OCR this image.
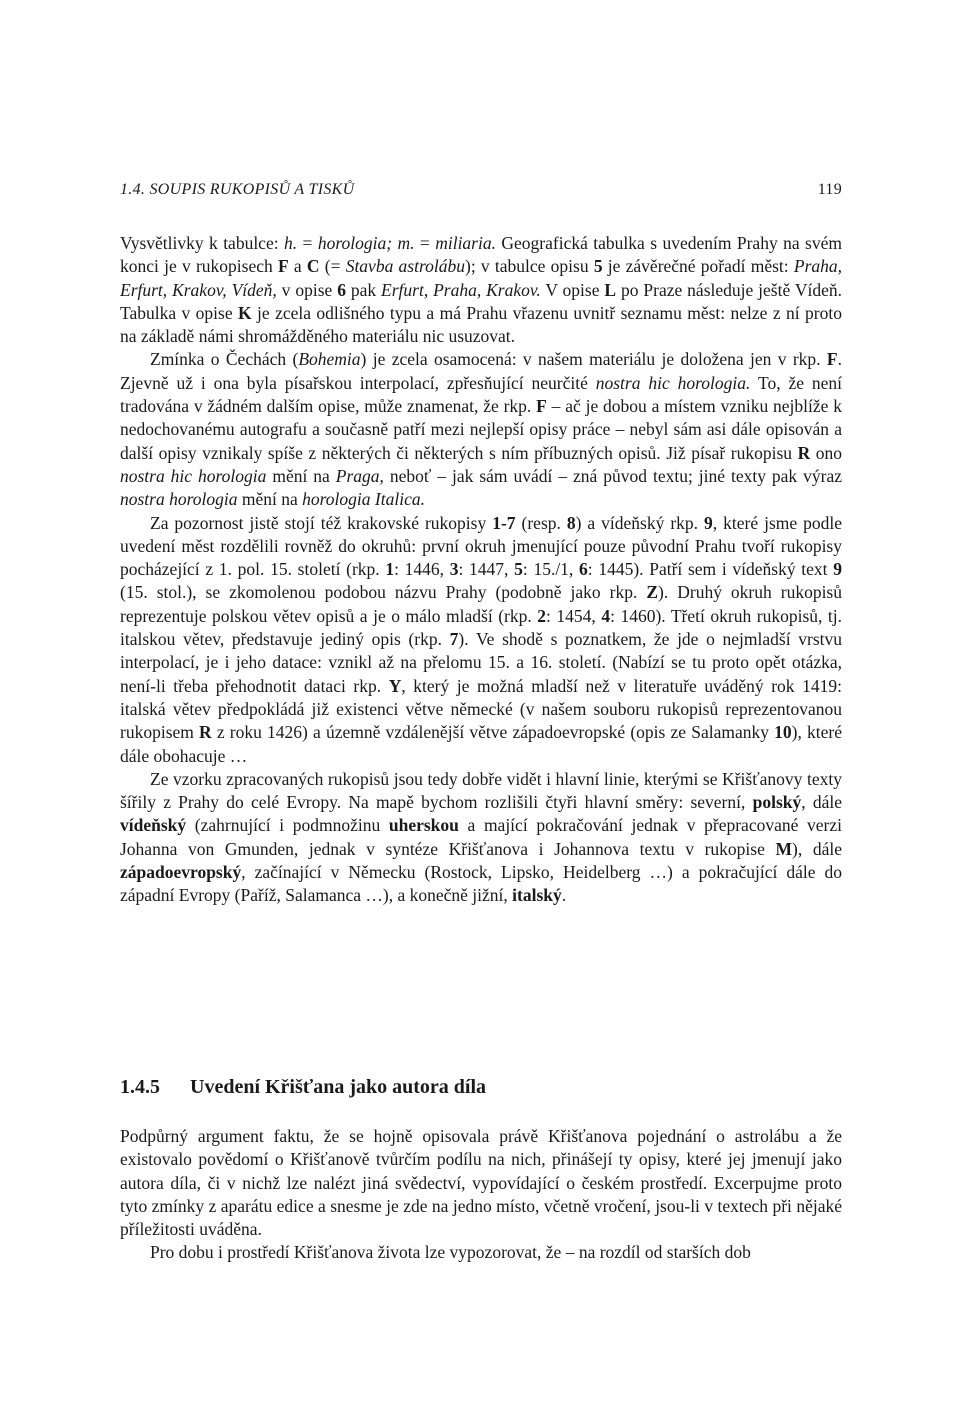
1.4. SOUPIS RUKOPISŮ A TISKŮ	119

Vysvětlivky k tabulce: h. = horologia; m. = miliaria. Geografická tabulka s uvedením Prahy na svém konci je v rukopisech F a C (= Stavba astrolábu); v tabulce opisu 5 je závěrečné pořadí měst: Praha, Erfurt, Krakov, Vídeň, v opise 6 pak Erfurt, Praha, Krakov. V opise L po Praze následuje ještě Vídeň. Tabulka v opise K je zcela odlišného typu a má Prahu vřazenu uvnitř seznamu měst: nelze z ní proto na základě námi shromážděného materiálu nic usuzovat.

Zmínka o Čechách (Bohemia) je zcela osamocená: v našem materiálu je doložena jen v rkp. F. Zjevně už i ona byla písařskou interpolací, zpřesňující neurčité nostra hic horologia. To, že není tradována v žádném dalším opise, může znamenat, že rkp. F – ač je dobou a místem vzniku nejblíže k nedochovanému autografu a současně patří mezi nejlepší opisy práce – nebyl sám asi dále opisován a další opisy vznikaly spíše z některých či některých s ním příbuzných opisů. Již písař rukopisu R ono nostra hic horologia mění na Praga, neboť – jak sám uvádí – zná původ textu; jiné texty pak výraz nostra horologia mění na horologia Italica.

Za pozornost jistě stojí též krakovské rukopisy 1-7 (resp. 8) a vídeňský rkp. 9, které jsme podle uvedení měst rozdělili rovněž do okruhů: první okruh jmenující pouze původní Prahu tvoří rukopisy pocházející z 1. pol. 15. století (rkp. 1: 1446, 3: 1447, 5: 15./1, 6: 1445). Patří sem i vídeňský text 9 (15. stol.), se zkomolenou podobou názvu Prahy (podobně jako rkp. Z). Druhý okruh rukopisů reprezentuje polskou větev opisů a je o málo mladší (rkp. 2: 1454, 4: 1460). Třetí okruh rukopisů, tj. italskou větev, představuje jediný opis (rkp. 7). Ve shodě s poznatkem, že jde o nejmladší vrstvu interpolací, je i jeho datace: vznikl až na přelomu 15. a 16. století. (Nabízí se tu proto opět otázka, není-li třeba přehodnotit dataci rkp. Y, který je možná mladší než v literatuře uváděný rok 1419: italská větev předpokládá již existenci větve německé (v našem souboru rukopisů reprezentovanou rukopisem R z roku 1426) a územně vzdálenější větve západoevropské (opis ze Salamanky 10), které dále obohacuje …

Ze vzorku zpracovaných rukopisů jsou tedy dobře vidět i hlavní linie, kterými se Křišťanovy texty šířily z Prahy do celé Evropy. Na mapě bychom rozlišili čtyři hlavní směry: severní, polský, dále vídeňský (zahrnující i podmnožinu uherskou a mající pokračování jednak v přepracované verzi Johanna von Gmunden, jednak v syntéze Křišťanova i Johannova textu v rukopise M), dále západoevropský, začínající v Německu (Rostock, Lipsko, Heidelberg …) a pokračující dále do západní Evropy (Paříž, Salamanca …), a konečně jižní, italský.

1.4.5 Uvedení Křišťana jako autora díla

Podpůrný argument faktu, že se hojně opisovala právě Křišťanova pojednání o astrolábu a že existovalo povědomí o Křišťanově tvůrčím podílu na nich, přinášejí ty opisy, které jej jmenují jako autora díla, či v nichž lze nalézt jiná svědectví, vypovídající o českém prostředí. Excerpujme proto tyto zmínky z aparátu edice a snesme je zde na jedno místo, včetně vročení, jsou-li v textech při nějaké příležitosti uváděna.

Pro dobu i prostředí Křišťanova života lze vypozorovat, že – na rozdíl od starších dob
